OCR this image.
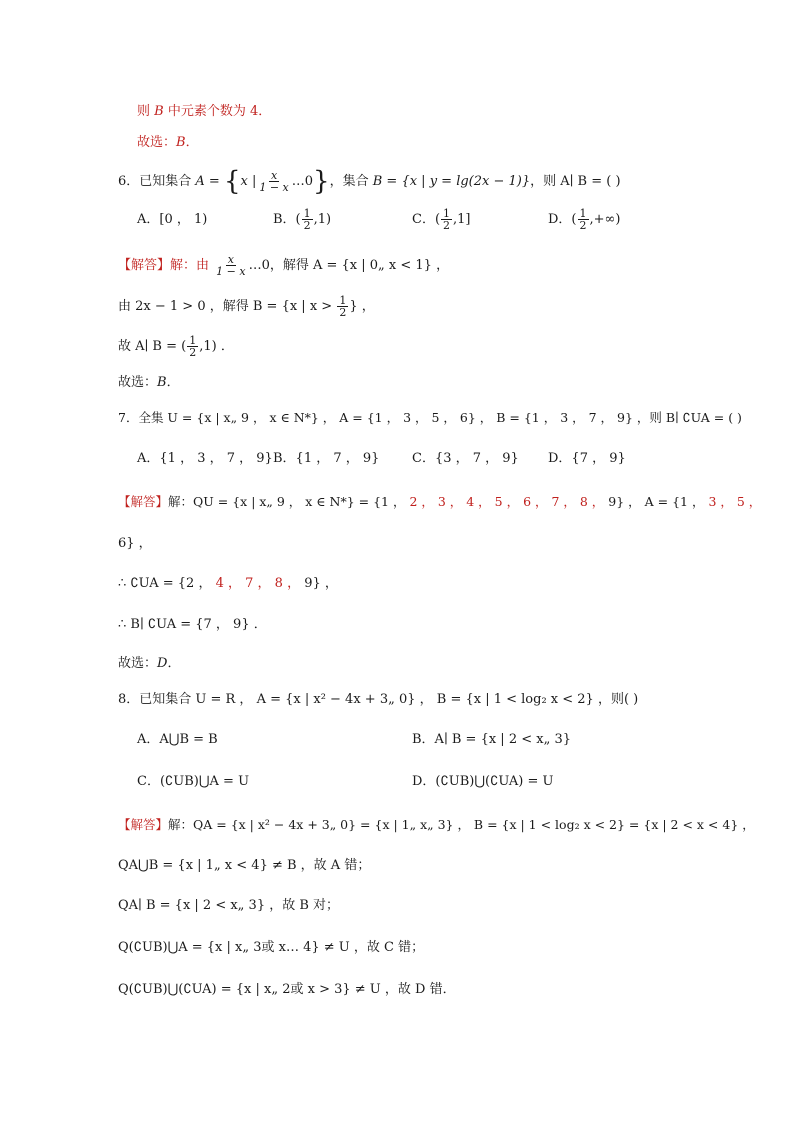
则 B 中元素个数为 4．
故选：B．
6．已知集合 A = {x | $\frac{x}{1 - x}$ …0}，集合 B = {x | y = lg(2x − 1)}，则 A∣ B = ( )
A．[0 ， 1)	B．( $\frac{1}{2} ,1$)	C．( $\frac{1}{2} ,1$]	D．( $\frac{1}{2}$ ,+∞)
【解答】解：由 $\frac{x}{1 - x}$ …0，解得 A = {x | 0„ x < 1} ，
由 2x − 1 > 0 ，解得 B = {x | $x > \frac{1}{2}$ } ，
故 A∣ B = ( $\frac{1}{2} ,1$) ．
故选：B．
7．全集 U = {x | x„ 9 ， x ∈ N*} ， A = {1 ， 3 ， 5 ， 6} ， B = {1 ， 3 ， 7 ， 9} ，则 B∣ ∁UA = ( )
A．{1 ， 3 ， 7 ， 9} B．{1 ， 7 ， 9}	C．{3 ， 7 ， 9} D．{7 ， 9}
【解答】解：QU = {x | x„ 9 ， x ∈ N*} = {1 ， 2 ， 3 ， 4 ， 5 ， 6 ， 7 ， 8 ， 9} ， A = {1 ， 3 ， 5 ，
6} ，
∴ ∁UA = {2 ， 4 ， 7 ， 8 ， 9} ，
∴ B∣ ∁UA = {7 ， 9} ．
故选：D．
8．已知集合 U = R ， A = {x | x² − 4x + 3„ 0} ， B = {x | 1 < log₂ x < 2} ，则( )
A．A⋃B = B	B．A∣ B = {x | 2 < x„ 3}
C．(∁UB)⋃A = U	D．(∁UB)⋃(∁UA) = U
【解答】解：QA = {x | x² − 4x + 3„ 0} = {x | 1„ x„ 3} ， B = {x | 1 < log₂ x < 2} = {x | 2 < x < 4} ，
QA⋃B = {x | 1„ x < 4} ≠ B ，故 A 错；
QA∣ B = {x | 2 < x„ 3} ，故 B 对；
Q(∁UB)⋃A = {x | x„ 3或 x… 4} ≠ U ，故 C 错；
Q(∁UB)⋃(∁UA) = {x | x„ 2或 x > 3} ≠ U ，故 D 错．
